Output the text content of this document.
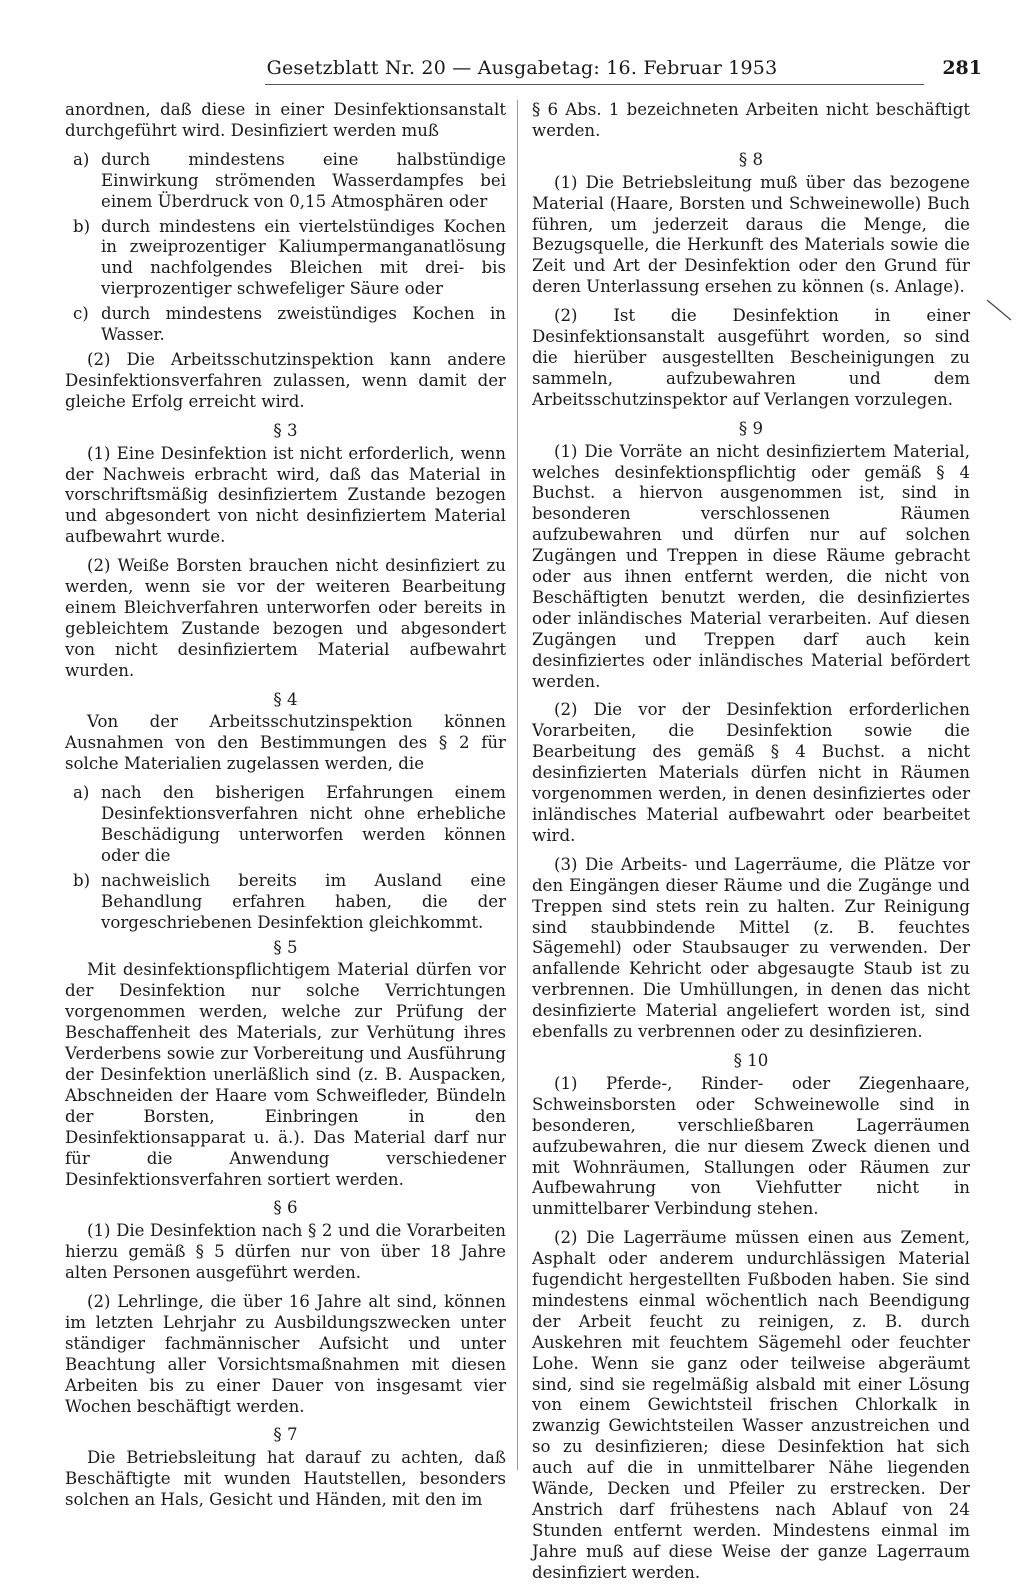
Gesetzblatt Nr. 20 — Ausgabetag: 16. Februar 1953	281

anordnen, daß diese in einer Desinfektionsanstalt durchgeführt wird. Desinfiziert werden muß

a) durch mindestens eine halbstündige Einwirkung strömenden Wasserdampfes bei einem Überdruck von 0,15 Atmosphären oder
b) durch mindestens ein viertelstündiges Kochen in zweiprozentiger Kaliumpermanganatlösung und nachfolgendes Bleichen mit drei- bis vierprozentiger schwefeliger Säure oder
c) durch mindestens zweistündiges Kochen in Wasser.

(2) Die Arbeitsschutzinspektion kann andere Desinfektionsverfahren zulassen, wenn damit der gleiche Erfolg erreicht wird.

§ 3

(1) Eine Desinfektion ist nicht erforderlich, wenn der Nachweis erbracht wird, daß das Material in vorschriftsmäßig desinfiziertem Zustande bezogen und abgesondert von nicht desinfiziertem Material aufbewahrt wurde.

(2) Weiße Borsten brauchen nicht desinfiziert zu werden, wenn sie vor der weiteren Bearbeitung einem Bleichverfahren unterworfen oder bereits in gebleichtem Zustande bezogen und abgesondert von nicht desinfiziertem Material aufbewahrt wurden.

§ 4

Von der Arbeitsschutzinspektion können Ausnahmen von den Bestimmungen des § 2 für solche Materialien zugelassen werden, die

a) nach den bisherigen Erfahrungen einem Desinfektionsverfahren nicht ohne erhebliche Beschädigung unterworfen werden können oder die
b) nachweislich bereits im Ausland eine Behandlung erfahren haben, die der vorgeschriebenen Desinfektion gleichkommt.
§ 5

Mit desinfektionspflichtigem Material dürfen vor der Desinfektion nur solche Verrichtungen vorgenommen werden, welche zur Prüfung der Beschaffenheit des Materials, zur Verhütung ihres Verderbens sowie zur Vorbereitung und Ausführung der Desinfektion unerläßlich sind (z. B. Auspacken, Abschneiden der Haare vom Schweifleder, Bündeln der Borsten, Einbringen in den Desinfektionsapparat u. ä.). Das Material darf nur für die Anwendung verschiedener Desinfektionsverfahren sortiert werden.

§ 6

(1) Die Desinfektion nach § 2 und die Vorarbeiten hierzu gemäß § 5 dürfen nur von über 18 Jahre alten Personen ausgeführt werden.

(2) Lehrlinge, die über 16 Jahre alt sind, können im letzten Lehrjahr zu Ausbildungszwecken unter ständiger fachmännischer Aufsicht und unter Beachtung aller Vorsichtsmaßnahmen mit diesen Arbeiten bis zu einer Dauer von insgesamt vier Wochen beschäftigt werden.

§ 7

Die Betriebsleitung hat darauf zu achten, daß Beschäftigte mit wunden Hautstellen, besonders solchen an Hals, Gesicht und Händen, mit den im

§ 6 Abs. 1 bezeichneten Arbeiten nicht beschäftigt werden.

§ 8

(1) Die Betriebsleitung muß über das bezogene Material (Haare, Borsten und Schweinewolle) Buch führen, um jederzeit daraus die Menge, die Bezugsquelle, die Herkunft des Materials sowie die Zeit und Art der Desinfektion oder den Grund für deren Unterlassung ersehen zu können (s. Anlage).

(2) Ist die Desinfektion in einer Desinfektionsanstalt ausgeführt worden, so sind die hierüber ausgestellten Bescheinigungen zu sammeln, aufzubewahren und dem Arbeitsschutzinspektor auf Verlangen vorzulegen.

§ 9

(1) Die Vorräte an nicht desinfiziertem Material, welches desinfektionspflichtig oder gemäß § 4 Buchst. a hiervon ausgenommen ist, sind in besonderen verschlossenen Räumen aufzubewahren und dürfen nur auf solchen Zugängen und Treppen in diese Räume gebracht oder aus ihnen entfernt werden, die nicht von Beschäftigten benutzt werden, die desinfiziertes oder inländisches Material verarbeiten. Auf diesen Zugängen und Treppen darf auch kein desinfiziertes oder inländisches Material befördert werden.

(2) Die vor der Desinfektion erforderlichen Vorarbeiten, die Desinfektion sowie die Bearbeitung des gemäß § 4 Buchst. a nicht desinfizierten Materials dürfen nicht in Räumen vorgenommen werden, in denen desinfiziertes oder inländisches Material aufbewahrt oder bearbeitet wird.

(3) Die Arbeits- und Lagerräume, die Plätze vor den Eingängen dieser Räume und die Zugänge und Treppen sind stets rein zu halten. Zur Reinigung sind staubbindende Mittel (z. B. feuchtes Sägemehl) oder Staubsauger zu verwenden. Der anfallende Kehricht oder abgesaugte Staub ist zu verbrennen. Die Umhüllungen, in denen das nicht desinfizierte Material angeliefert worden ist, sind ebenfalls zu verbrennen oder zu desinfizieren.

§ 10

(1) Pferde-, Rinder- oder Ziegenhaare, Schweinsborsten oder Schweinewolle sind in besonderen, verschließbaren Lagerräumen aufzubewahren, die nur diesem Zweck dienen und mit Wohnräumen, Stallungen oder Räumen zur Aufbewahrung von Viehfutter nicht in unmittelbarer Verbindung stehen.

(2) Die Lagerräume müssen einen aus Zement, Asphalt oder anderem undurchlässigen Material fugendicht hergestellten Fußboden haben. Sie sind mindestens einmal wöchentlich nach Beendigung der Arbeit feucht zu reinigen, z. B. durch Auskehren mit feuchtem Sägemehl oder feuchter Lohe. Wenn sie ganz oder teilweise abgeräumt sind, sind sie regelmäßig alsbald mit einer Lösung von einem Gewichtsteil frischen Chlorkalk in zwanzig Gewichtsteilen Wasser anzustreichen und so zu desinfizieren; diese Desinfektion hat sich auch auf die in unmittelbarer Nähe liegenden Wände, Decken und Pfeiler zu erstrecken. Der Anstrich darf frühestens nach Ablauf von 24 Stunden entfernt werden. Mindestens einmal im Jahre muß auf diese Weise der ganze Lagerraum desinfiziert werden.
